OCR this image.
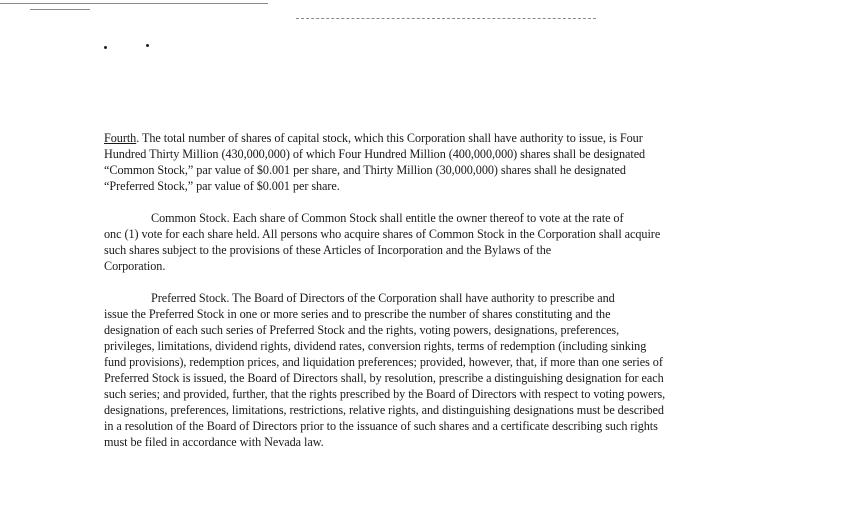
Fourth. The total number of shares of capital stock, which this Corporation shall have authority to issue, is Four
Hundred Thirty Million (430,000,000) of which Four Hundred Million (400,000,000) shares shall be designated
“Common Stock,” par value of $0.001 per share, and Thirty Million (30,000,000) shares shall he designated
“Preferred Stock,” par value of $0.001 per share.
Common Stock. Each share of Common Stock shall entitle the owner thereof to vote at the rate of
onc (1) vote for each share held. All persons who acquire shares of Common Stock in the Corporation shall acquire
such shares subject to the provisions of these Articles of Incorporation and the Bylaws of the
Corporation.
Preferred Stock. The Board of Directors of the Corporation shall have authority to prescribe and
issue the Preferred Stock in one or more series and to prescribe the number of shares constituting and the
designation of each such series of Preferred Stock and the rights, voting powers, designations, preferences,
privileges, limitations, dividend rights, dividend rates, conversion rights, terms of redemption (including sinking
fund provisions), redemption prices, and liquidation preferences; provided, however, that, if more than one series of
Preferred Stock is issued, the Board of Directors shall, by resolution, prescribe a distinguishing designation for each
such series; and provided, further, that the rights prescribed by the Board of Directors with respect to voting powers,
designations, preferences, limitations, restrictions, relative rights, and distinguishing designations must be described
in a resolution of the Board of Directors prior to the issuance of such shares and a certificate describing such rights
must be filed in accordance with Nevada law.
